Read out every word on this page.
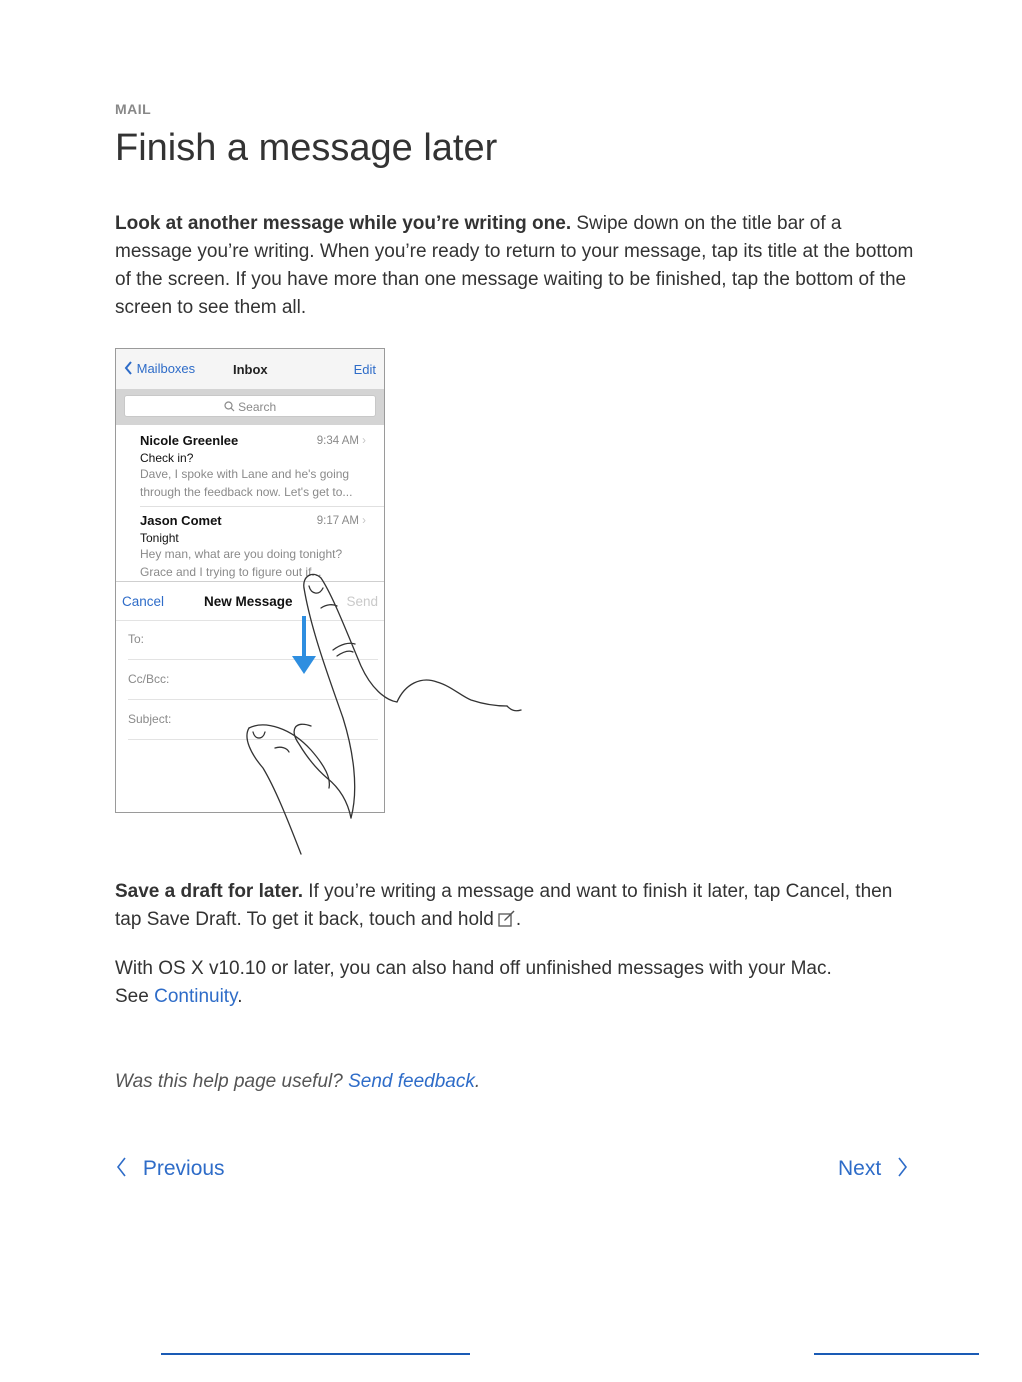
MAIL
Finish a message later

Look at another message while you’re writing one. Swipe down on the title bar of a message you’re writing. When you’re ready to return to your message, tap its title at the bottom of the screen. If you have more than one message waiting to be finished, tap the bottom of the screen to see them all.

Mailboxes	Inbox	Edit
Search
Nicole Greenlee	9:34 AM ›
Check in?
Dave, I spoke with Lane and he's going
through the feedback now. Let's get to...
Jason Comet	9:17 AM ›
Tonight
Hey man, what are you doing tonight?
Grace and I trying to figure out if...
Cancel	New Message	Send
To:
Cc/Bcc:
Subject:

Save a draft for later. If you’re writing a message and want to finish it later, tap Cancel, then tap Save Draft. To get it back, touch and hold .

With OS X v10.10 or later, you can also hand off unfinished messages with your Mac.
See Continuity.

Was this help page useful? Send feedback.

Previous	Next
